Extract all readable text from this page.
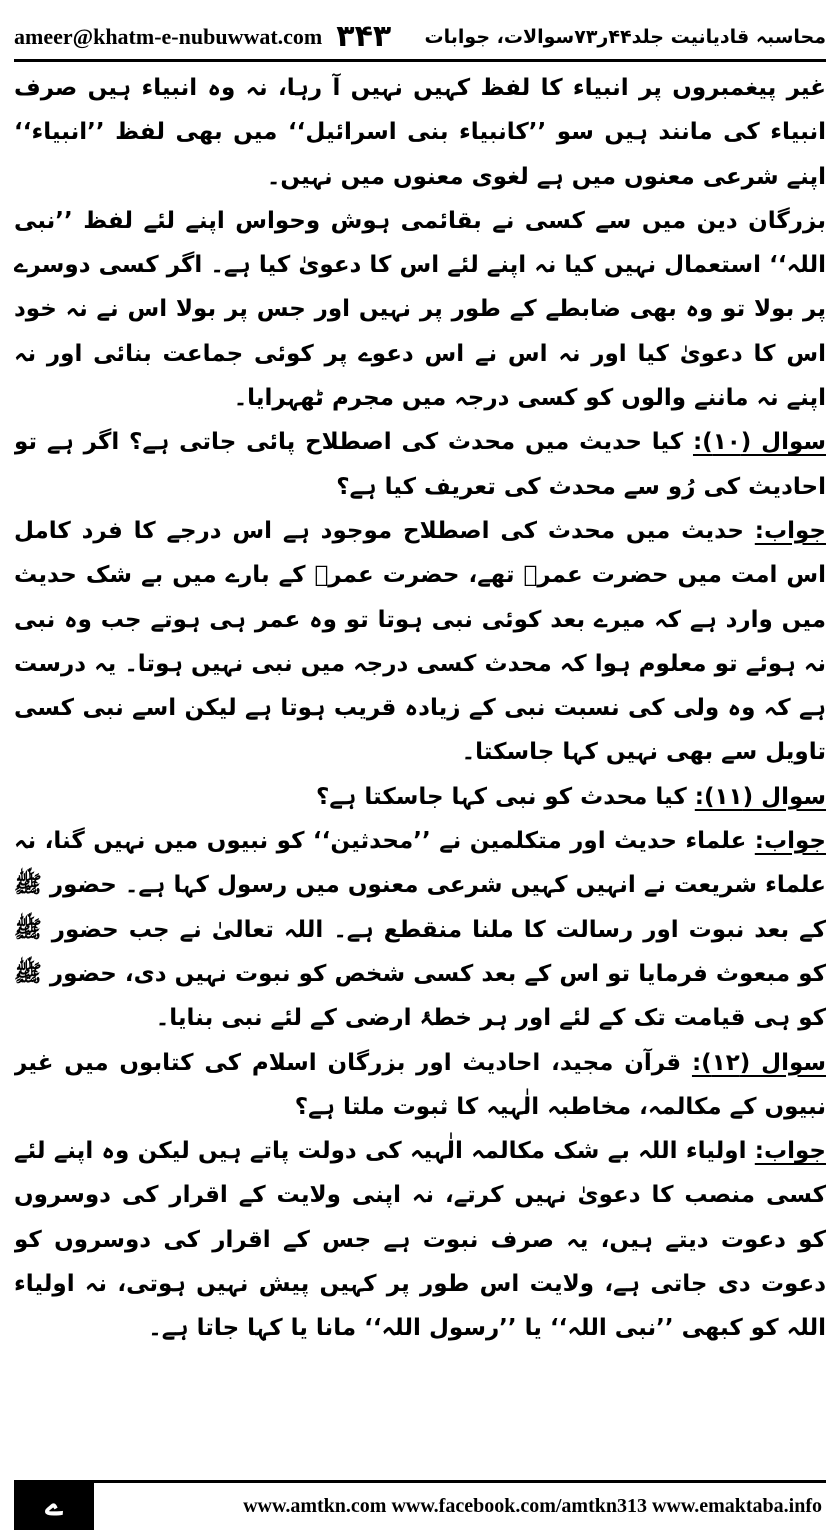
ameer@khatm-e-nubuwwat.com ۳۴۳ محاسبہ قادیانیت جلد۴۴ر۷۳سوالات، جوابات

غیر پیغمبروں پر انبیاء کا لفظ کہیں نہیں آ رہا، نہ وہ انبیاء ہیں صرف انبیاء کی مانند ہیں سو ’’کانبیاء بنی اسرائیل‘‘ میں بھی لفظ ’’انبیاء‘‘ اپنے شرعی معنوں میں ہے لغوی معنوں میں نہیں۔

بزرگان دین میں سے کسی نے بقائمی ہوش وحواس اپنے لئے لفظ ’’نبی اللہ‘‘ استعمال نہیں کیا نہ اپنے لئے اس کا دعویٰ کیا ہے۔ اگر کسی دوسرے پر بولا تو وہ بھی ضابطے کے طور پر نہیں اور جس پر بولا اس نے نہ خود اس کا دعویٰ کیا اور نہ اس نے اس دعوے پر کوئی جماعت بنائی اور نہ اپنے نہ ماننے والوں کو کسی درجہ میں مجرم ٹھہرایا۔

سوال (۱۰): کیا حدیث میں محدث کی اصطلاح پائی جاتی ہے؟ اگر ہے تو احادیث کی رُو سے محدث کی تعریف کیا ہے؟

جواب: حدیث میں محدث کی اصطلاح موجود ہے اس درجے کا فرد کامل اس امت میں حضرت عمرؓ تھے، حضرت عمرؓ کے بارے میں بے شک حدیث میں وارد ہے کہ میرے بعد کوئی نبی ہوتا تو وہ عمر ہی ہوتے جب وہ نبی نہ ہوئے تو معلوم ہوا کہ محدث کسی درجہ میں نبی نہیں ہوتا۔ یہ درست ہے کہ وہ ولی کی نسبت نبی کے زیادہ قریب ہوتا ہے لیکن اسے نبی کسی تاویل سے بھی نہیں کہا جاسکتا۔

سوال (۱۱): کیا محدث کو نبی کہا جاسکتا ہے؟

جواب: علماء حدیث اور متکلمین نے ’’محدثین‘‘ کو نبیوں میں نہیں گنا، نہ علماء شریعت نے انہیں کہیں شرعی معنوں میں رسول کہا ہے۔ حضور ﷺ کے بعد نبوت اور رسالت کا ملنا منقطع ہے۔ اللہ تعالیٰ نے جب حضور ﷺ کو مبعوث فرمایا تو اس کے بعد کسی شخص کو نبوت نہیں دی، حضور ﷺ کو ہی قیامت تک کے لئے اور ہر خطۂ ارضی کے لئے نبی بنایا۔

سوال (۱۲): قرآن مجید، احادیث اور بزرگان اسلام کی کتابوں میں غیر نبیوں کے مکالمہ، مخاطبہ الٰہیہ کا ثبوت ملتا ہے؟

جواب: اولیاء اللہ بے شک مکالمہ الٰہیہ کی دولت پاتے ہیں لیکن وہ اپنے لئے کسی منصب کا دعویٰ نہیں کرتے، نہ اپنی ولایت کے اقرار کی دوسروں کو دعوت دیتے ہیں، یہ صرف نبوت ہے جس کے اقرار کی دوسروں کو دعوت دی جاتی ہے، ولایت اس طور پر کہیں پیش نہیں ہوتی، نہ اولیاء اللہ کو کبھی ’’نبی اللہ‘‘ یا ’’رسول اللہ‘‘ مانا یا کہا جاتا ہے۔

ے	www.amtkn.com www.facebook.com/amtkn313 www.emaktaba.info
